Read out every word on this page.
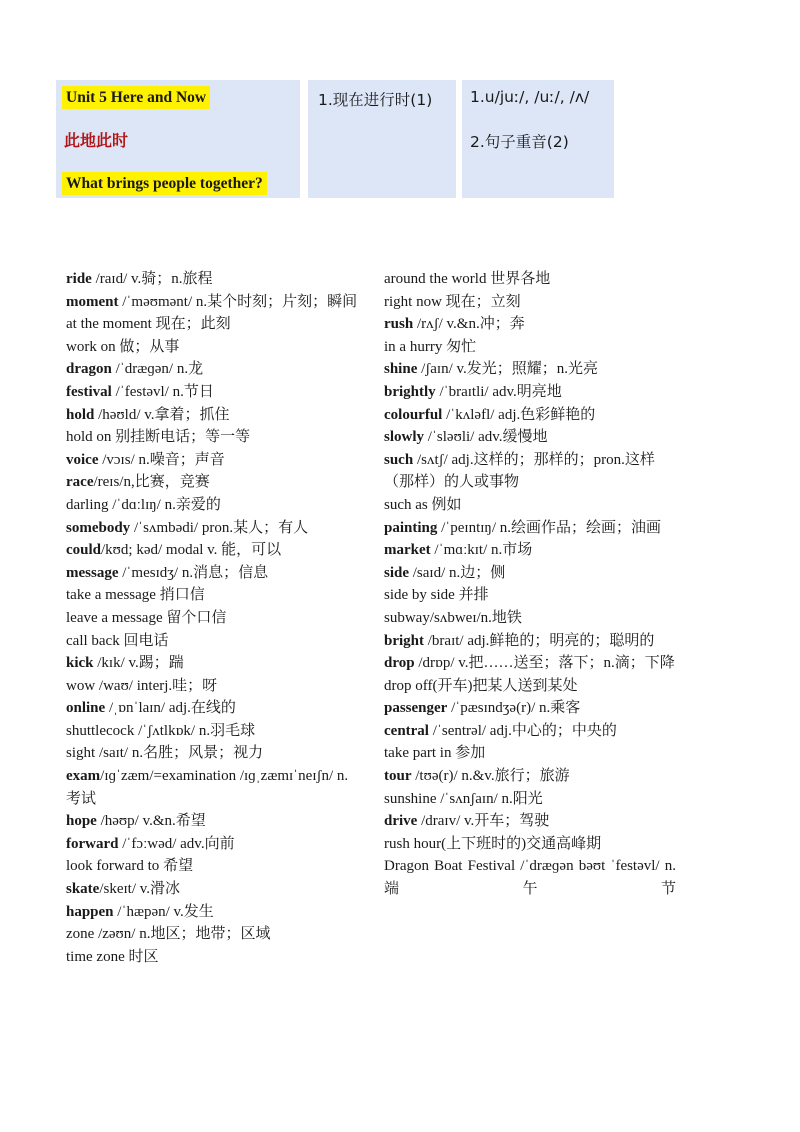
Unit 5 Here and Now
此地此时
What brings people together?
1.现在进行时(1) 1.u/juː/, /uː/, /ʌ/
2.句子重音(2)
ride /raɪd/ v.骑；n.旅程
moment /ˈməʊmənt/ n.某个时刻；片刻；瞬间
at the moment 现在；此刻
work on 做；从事
dragon /ˈdræɡən/ n.龙
festival /ˈfestəvl/ n.节日
hold /həʊld/ v.拿着；抓住
hold on 别挂断电话；等一等
voice /vɔɪs/ n.噪音；声音
race/reɪs/n,比赛，竞赛
darling /ˈdɑːlɪŋ/ n.亲爱的
somebody /ˈsʌmbədi/ pron.某人；有人
could/kʊd; kəd/ modal v. 能，可以
message /ˈmesɪdʒ/ n.消息；信息
take a message 捎口信
leave a message 留个口信
call back 回电话
kick /kɪk/ v.踢；踹
wow /waʊ/ interj.哇；呀
online /ˌɒnˈlaɪn/ adj.在线的
shuttlecock /ˈʃʌtlkɒk/ n.羽毛球
sight /saɪt/ n.名胜；风景；视力
exam/ɪɡˈzæm/=examination /ɪɡˌzæmɪˈneɪʃn/ n.考试
hope /həʊp/ v.&n.希望
forward /ˈfɔːwəd/ adv.向前
look forward to 希望
skate/skeɪt/ v.滑冰
happen /ˈhæpən/ v.发生
zone /zəʊn/ n.地区；地带；区域
time zone 时区
around the world 世界各地
right now 现在；立刻
rush /rʌʃ/ v.&n.冲；奔
in a hurry 匆忙
shine /ʃaɪn/ v.发光；照耀；n.光亮
brightly /ˈbraɪtli/ adv.明亮地
colourful /ˈkʌləfl/ adj.色彩鲜艳的
slowly /ˈsləʊli/ adv.缓慢地
such /sʌtʃ/ adj.这样的；那样的；pron.这样（那样）的人或事物
such as 例如
painting /ˈpeɪntɪŋ/ n.绘画作品；绘画；油画
market /ˈmɑːkɪt/ n.市场
side /saɪd/ n.边；侧
side by side 并排
subway/sʌbweɪ/n.地铁
bright /braɪt/ adj.鲜艳的；明亮的；聪明的
drop /drɒp/ v.把……送至；落下；n.滴；下降
drop off(开车)把某人送到某处
passenger /ˈpæsɪndʒə(r)/ n.乘客
central /ˈsentrəl/ adj.中心的；中央的
take part in 参加
tour /tʊə(r)/ n.&v.旅行；旅游
sunshine /ˈsʌnʃaɪn/ n.阳光
drive /draɪv/ v.开车；驾驶
rush hour(上下班时的)交通高峰期
Dragon Boat Festival /ˈdræɡən bəʊt ˈfestəvl/ n.端午节
